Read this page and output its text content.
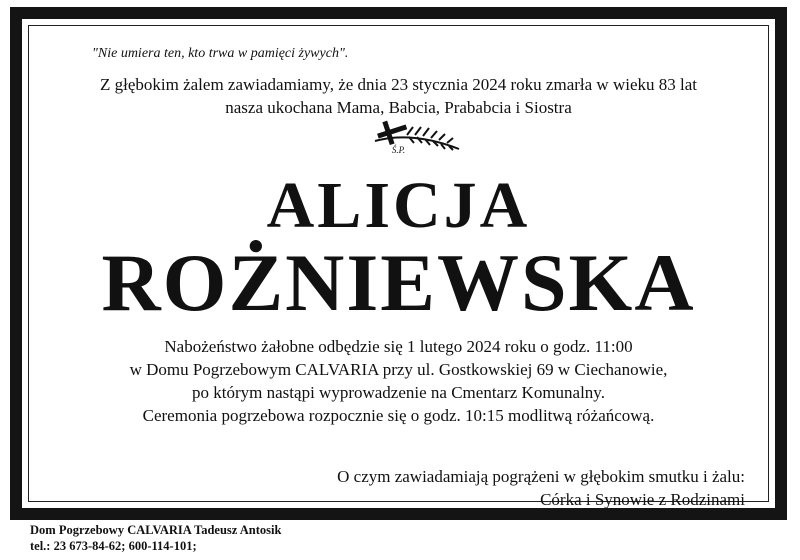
"Nie umiera ten, kto trwa w pamięci żywych".
Z głębokim żalem zawiadamiamy, że dnia 23 stycznia 2024 roku zmarła w wieku 83 lat
nasza ukochana Mama, Babcia, Prababcia i Siostra
Ś.P.
ALICJA
ROŻNIEWSKA
Nabożeństwo żałobne odbędzie się 1 lutego 2024 roku o godz. 11:00
w Domu Pogrzebowym CALVARIA przy ul. Gostkowskiej 69 w Ciechanowie,
po którym nastąpi wyprowadzenie na Cmentarz Komunalny.
Ceremonia pogrzebowa rozpocznie się o godz. 10:15 modlitwą różańcową.
O czym zawiadamiają pogrążeni w głębokim smutku i żalu:
Córka i Synowie z Rodzinami
Dom Pogrzebowy CALVARIA Tadeusz Antosik
tel.: 23 673-84-62; 600-114-101;
